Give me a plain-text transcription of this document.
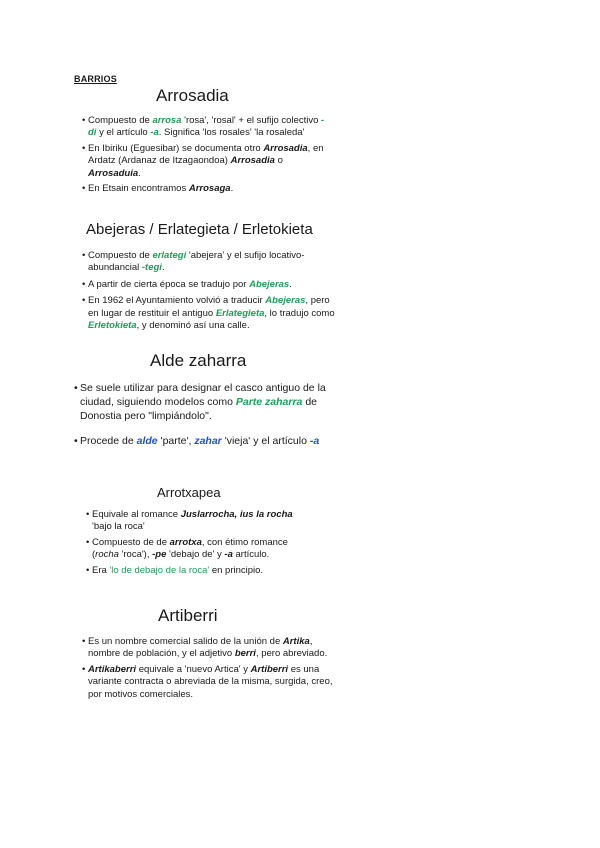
BARRIOS
Arrosadia
• Compuesto de arrosa 'rosa', 'rosal' + el sufijo colectivo -di y el artículo -a. Significa 'los rosales' 'la rosaleda'
• En Ibiriku (Eguesibar) se documenta otro Arrosadia, en Ardatz (Ardanaz de Itzagaondoa) Arrosadia o Arrosaduia.
• En Etsain encontramos Arrosaga.
Abejeras / Erlategieta / Erletokieta
• Compuesto de erlategi 'abejera' y el sufijo locativo-abundancial -tegi.
• A partir de cierta época se tradujo por Abejeras.
• En 1962 el Ayuntamiento volvió a traducir Abejeras, pero en lugar de restituir el antiguo Erlategieta, lo tradujo como Erletokieta, y denominó así una calle.
Alde zaharra
• Se suele utilizar para designar el casco antiguo de la ciudad, siguiendo modelos como Parte zaharra de Donostia pero "limpiándolo".
• Procede de alde 'parte', zahar 'vieja' y el artículo -a
Arrotxapea
• Equivale al romance Juslarrocha, ius la rocha 'bajo la roca'
• Compuesto de de arrotxa, con étimo romance (rocha 'roca'), -pe 'debajo de' y -a artículo.
• Era 'lo de debajo de la roca' en principio.
Artiberri
• Es un nombre comercial salido de la unión de Artika, nombre de población, y el adjetivo berri, pero abreviado.
• Artikaberri equivale a 'nuevo Artica' y Artiberri es una variante contracta o abreviada de la misma, surgida, creo, por motivos comerciales.
